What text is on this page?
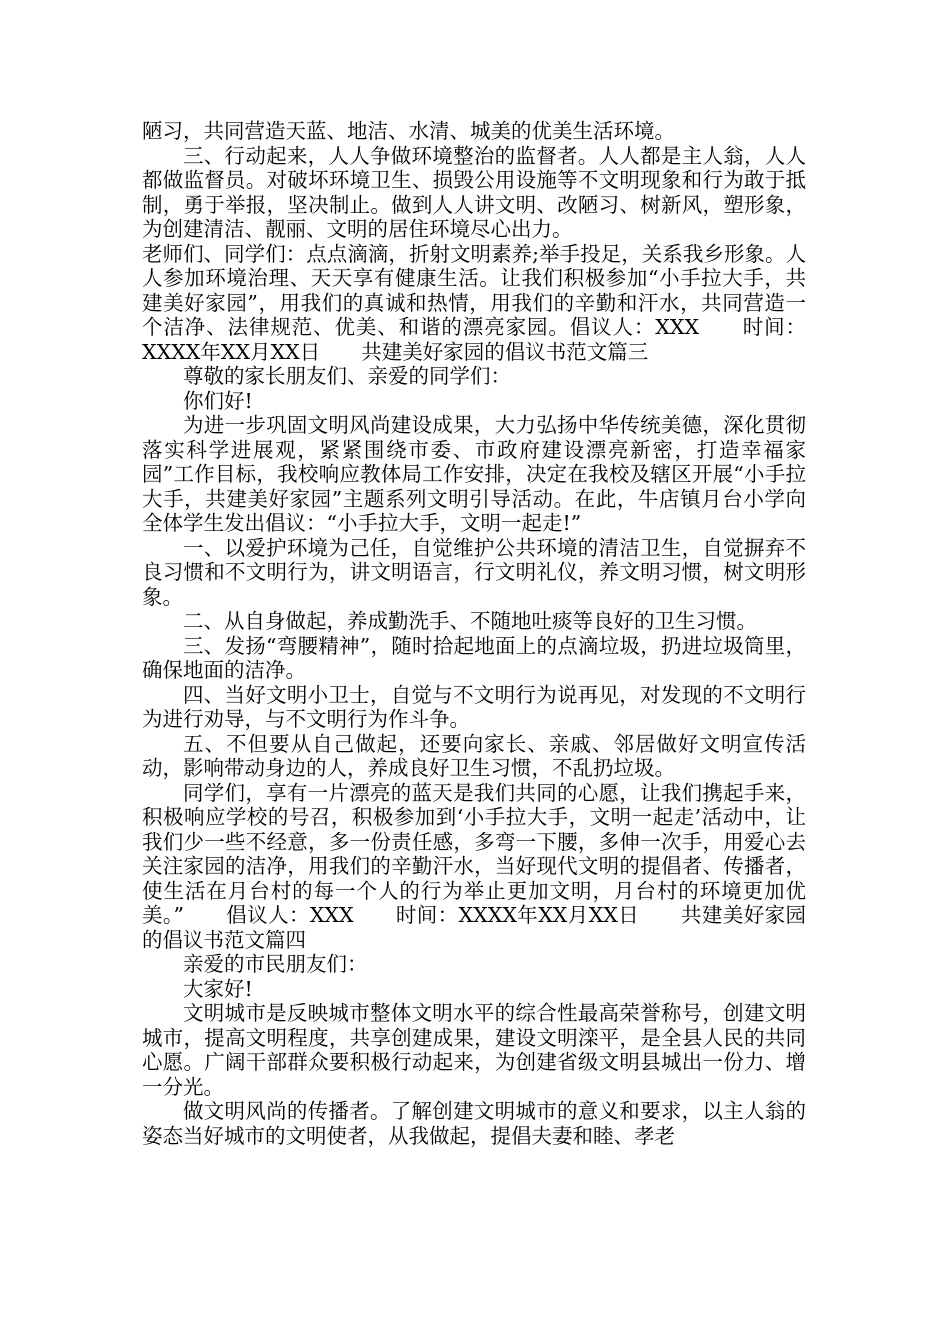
陋习，共同营造天蓝、地洁、水清、城美的优美生活环境。

三、行动起来，人人争做环境整治的监督者。人人都是主人翁，人人都做监督员。对破坏环境卫生、损毁公用设施等不文明现象和行为敢于抵制，勇于举报，坚决制止。做到人人讲文明、改陋习、树新风，塑形象，为创建清洁、靓丽、文明的居住环境尽心出力。

老师们、同学们：点点滴滴，折射文明素养;举手投足，关系我乡形象。人人参加环境治理、天天享有健康生活。让我们积极参加“小手拉大手，共建美好家园”，用我们的真诚和热情，用我们的辛勤和汗水，共同营造一个洁净、法律规范、优美、和谐的漂亮家园。倡议人：XXX　　时间：XXXX年XX月XX日　　共建美好家园的倡议书范文篇三

尊敬的家长朋友们、亲爱的同学们：

你们好!

为进一步巩固文明风尚建设成果，大力弘扬中华传统美德，深化贯彻落实科学进展观，紧紧围绕市委、市政府建设漂亮新密，打造幸福家园”工作目标，我校响应教体局工作安排，决定在我校及辖区开展“小手拉大手，共建美好家园”主题系列文明引导活动。在此，牛店镇月台小学向全体学生发出倡议：“小手拉大手，文明一起走!”

一、以爱护环境为己任，自觉维护公共环境的清洁卫生，自觉摒弃不良习惯和不文明行为，讲文明语言，行文明礼仪，养文明习惯，树文明形象。

二、从自身做起，养成勤洗手、不随地吐痰等良好的卫生习惯。

三、发扬“弯腰精神”，随时拾起地面上的点滴垃圾，扔进垃圾筒里，确保地面的洁净。

四、当好文明小卫士，自觉与不文明行为说再见，对发现的不文明行为进行劝导，与不文明行为作斗争。

五、不但要从自己做起，还要向家长、亲戚、邻居做好文明宣传活动，影响带动身边的人，养成良好卫生习惯，不乱扔垃圾。

同学们，享有一片漂亮的蓝天是我们共同的心愿，让我们携起手来，积极响应学校的号召，积极参加到‘小手拉大手，文明一起走’活动中，让我们少一些不经意，多一份责任感，多弯一下腰，多伸一次手，用爱心去关注家园的洁净，用我们的辛勤汗水，当好现代文明的提倡者、传播者，使生活在月台村的每一个人的行为举止更加文明，月台村的环境更加优美。”　　倡议人：XXX　　时间：XXXX年XX月XX日　　共建美好家园的倡议书范文篇四

亲爱的市民朋友们：

大家好!

文明城市是反映城市整体文明水平的综合性最高荣誉称号，创建文明城市，提高文明程度，共享创建成果，建设文明滦平，是全县人民的共同心愿。广阔干部群众要积极行动起来，为创建省级文明县城出一份力、增一分光。

做文明风尚的传播者。了解创建文明城市的意义和要求，以主人翁的姿态当好城市的文明使者，从我做起，提倡夫妻和睦、孝老
